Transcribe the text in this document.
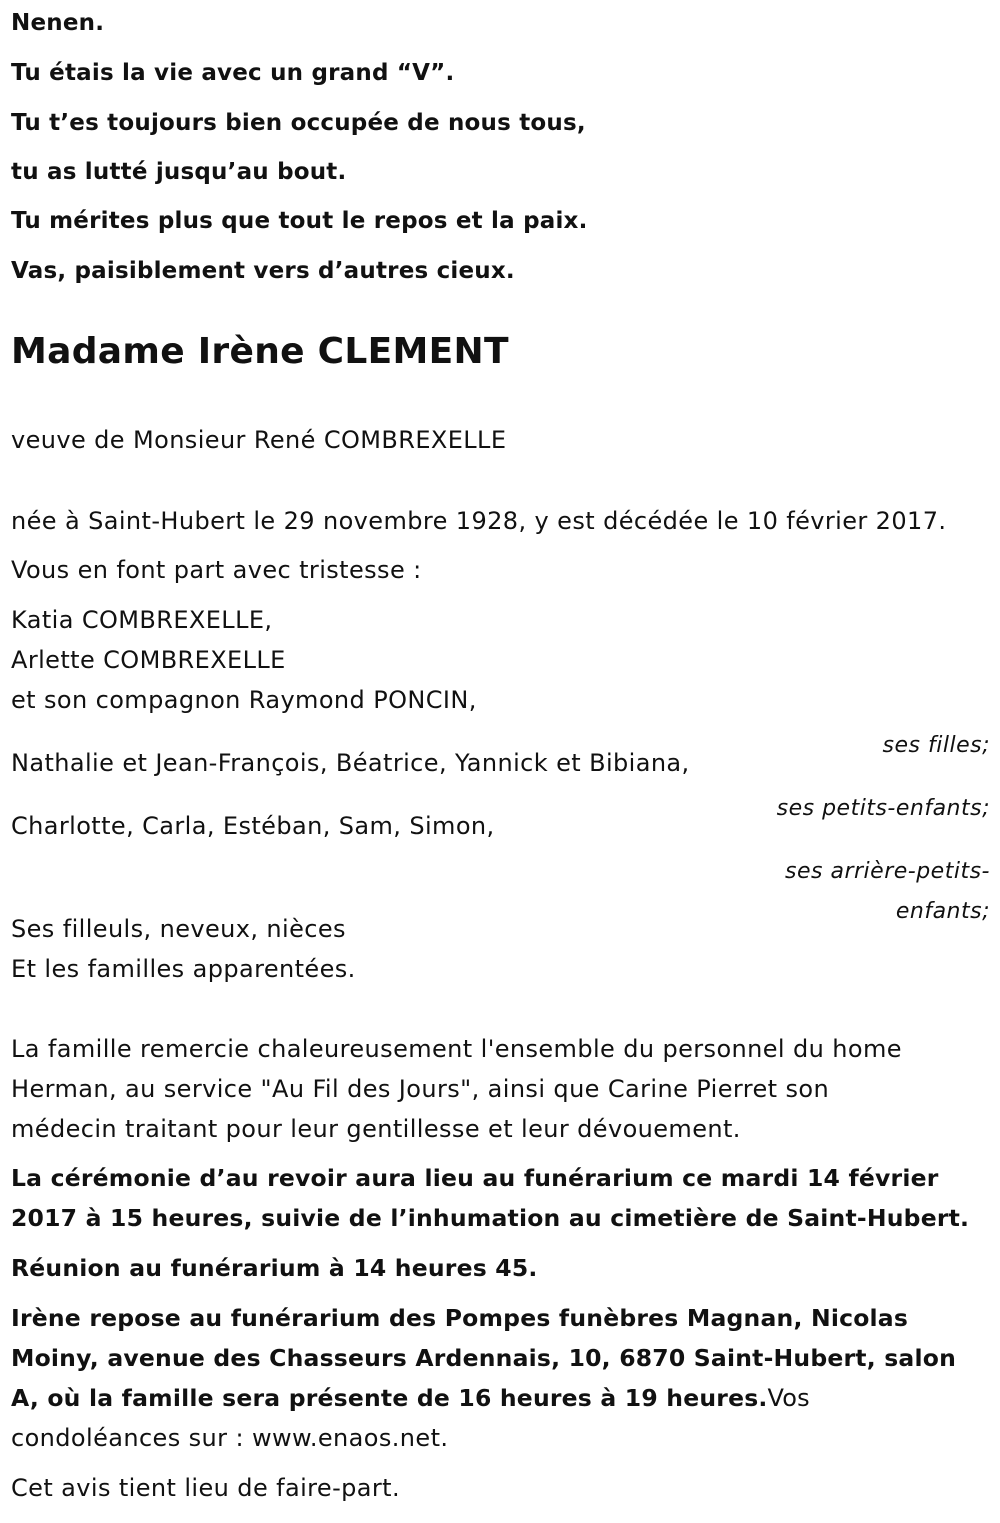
Nenen.

Tu étais la vie avec un grand “V”.

Tu t’es toujours bien occupée de nous tous,

tu as lutté jusqu’au bout.

Tu mérites plus que tout le repos et la paix.

Vas, paisiblement vers d’autres cieux.

Madame Irène CLEMENT

veuve de Monsieur René COMBREXELLE

née à Saint-Hubert le 29 novembre 1928, y est décédée le 10 février 2017.

Vous en font part avec tristesse :

Katia COMBREXELLE,

Arlette COMBREXELLE

et son compagnon Raymond PONCIN,

ses filles;

Nathalie et Jean-François, Béatrice, Yannick et Bibiana,

ses petits-enfants;

Charlotte, Carla, Estéban, Sam, Simon,

ses arrière-petits-

enfants;

Ses filleuls, neveux, nièces

Et les familles apparentées.

La famille remercie chaleureusement l'ensemble du personnel du home

Herman, au service "Au Fil des Jours", ainsi que Carine Pierret son

médecin traitant pour leur gentillesse et leur dévouement.

La cérémonie d’au revoir aura lieu au funérarium ce mardi 14 février

2017 à 15 heures, suivie de l’inhumation au cimetière de Saint-Hubert.

Réunion au funérarium à 14 heures 45.

Irène repose au funérarium des Pompes funèbres Magnan, Nicolas

Moiny, avenue des Chasseurs Ardennais, 10, 6870 Saint-Hubert, salon

A, où la famille sera présente de 16 heures à 19 heures.Vos

condoléances sur : www.enaos.net.

Cet avis tient lieu de faire-part.
